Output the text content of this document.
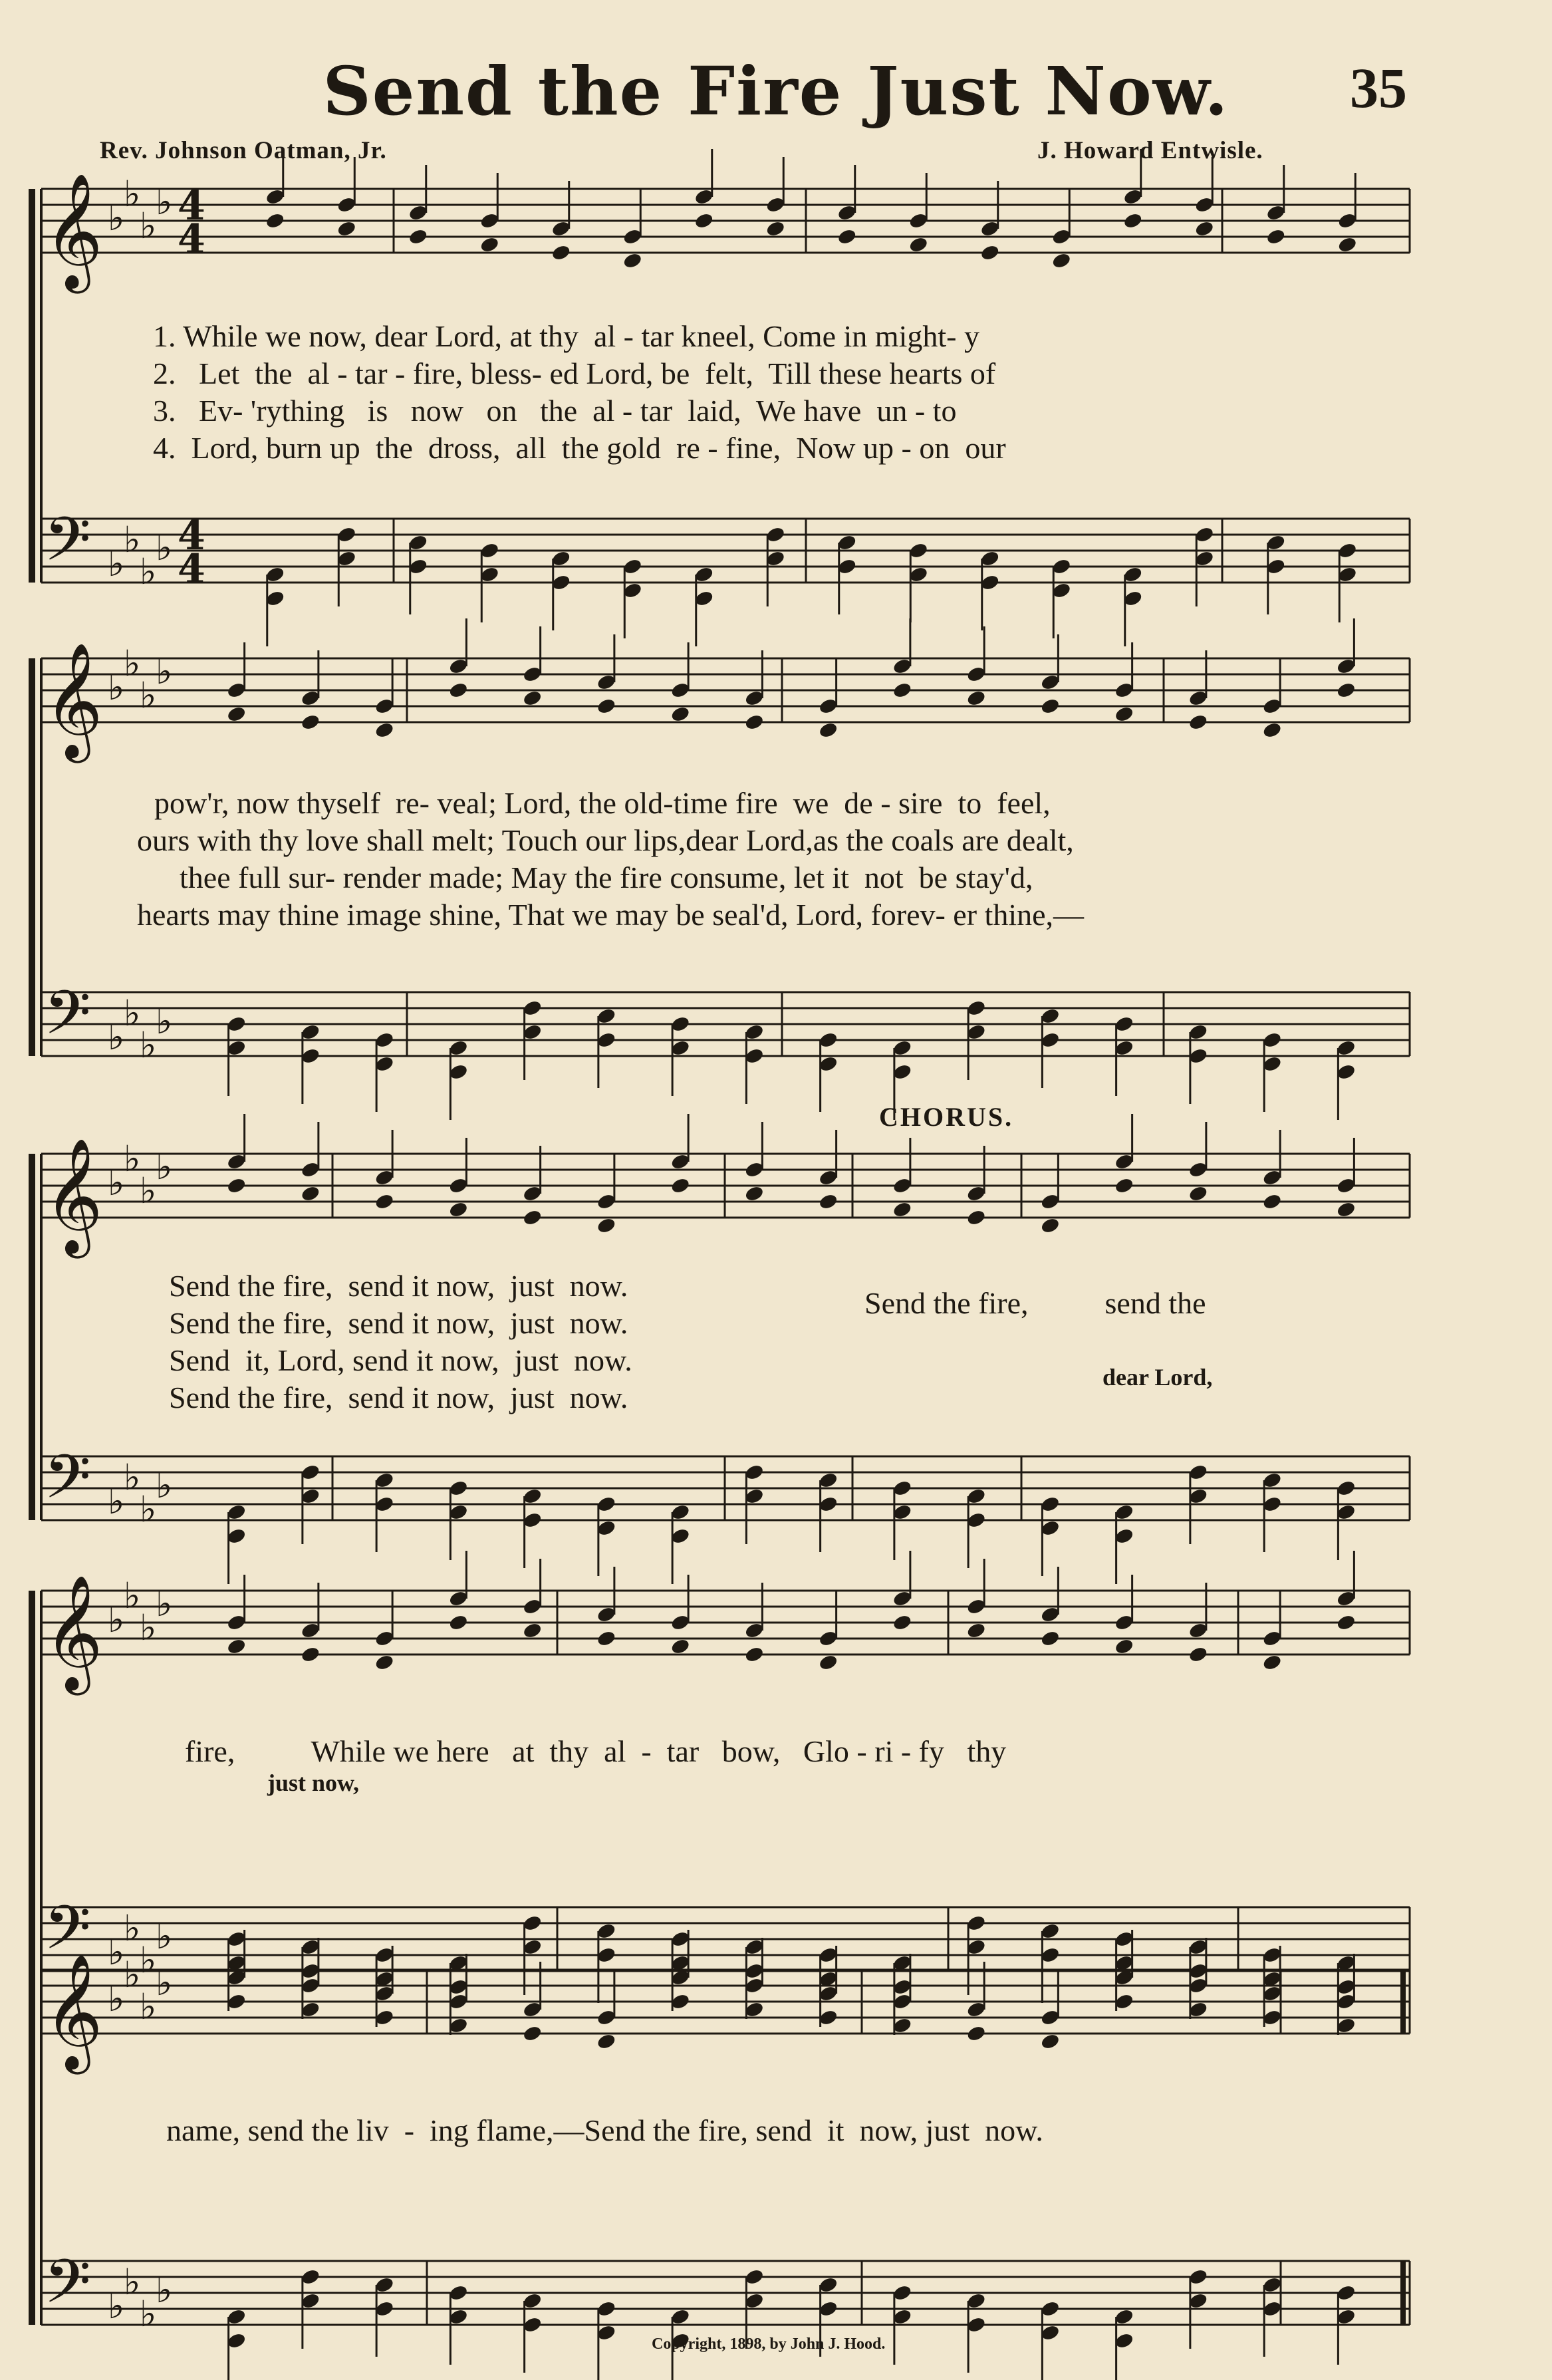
Send the Fire Just Now.	35
Rev. Johnson Oatman, Jr.	J. Howard Entwisle.
𝄞 ♭
♭
♭
♭ 4
4
𝄢 ♭
♭
♭
♭ 4
4
𝄞 ♭
♭
♭
♭
𝄢 ♭
♭
♭
♭
𝄞 ♭
♭
♭
♭
𝄢 ♭
♭
♭
♭
𝄞 ♭
♭
♭
♭
𝄢 ♭
♭
♭
♭
𝄞 ♭
♭
♭
♭
𝄢 ♭
♭
♭
♭
1. While we now, dear Lord, at thy  al - tar kneel, Come in might- y
2.   Let  the  al - tar - fire, bless- ed Lord, be  felt,  Till these hearts of
3.   Ev- 'rything   is   now   on   the  al - tar  laid,  We have  un - to
4.  Lord, burn up  the  dross,  all  the gold  re - fine,  Now up - on  our
pow'r, now thyself  re- veal; Lord, the old-time fire  we  de - sire  to  feel,
ours with thy love shall melt; Touch our lips,dear Lord,as the coals are dealt,
thee full sur- render made; May the fire consume, let it  not  be stay'd,
hearts may thine image shine, That we may be seal'd, Lord, forev- er thine,—
CHORUS.
Send the fire,  send it now,  just  now.
Send the fire,  send it now,  just  now.
Send  it, Lord, send it now,  just  now.
Send the fire,  send it now,  just  now.
Send the fire,          send the
dear Lord,
fire,          While we here   at  thy  al  -  tar   bow,   Glo - ri - fy   thy
just now,
name, send the liv  -  ing flame,—Send the fire, send  it  now, just  now.
Copyright, 1898, by John J. Hood.
